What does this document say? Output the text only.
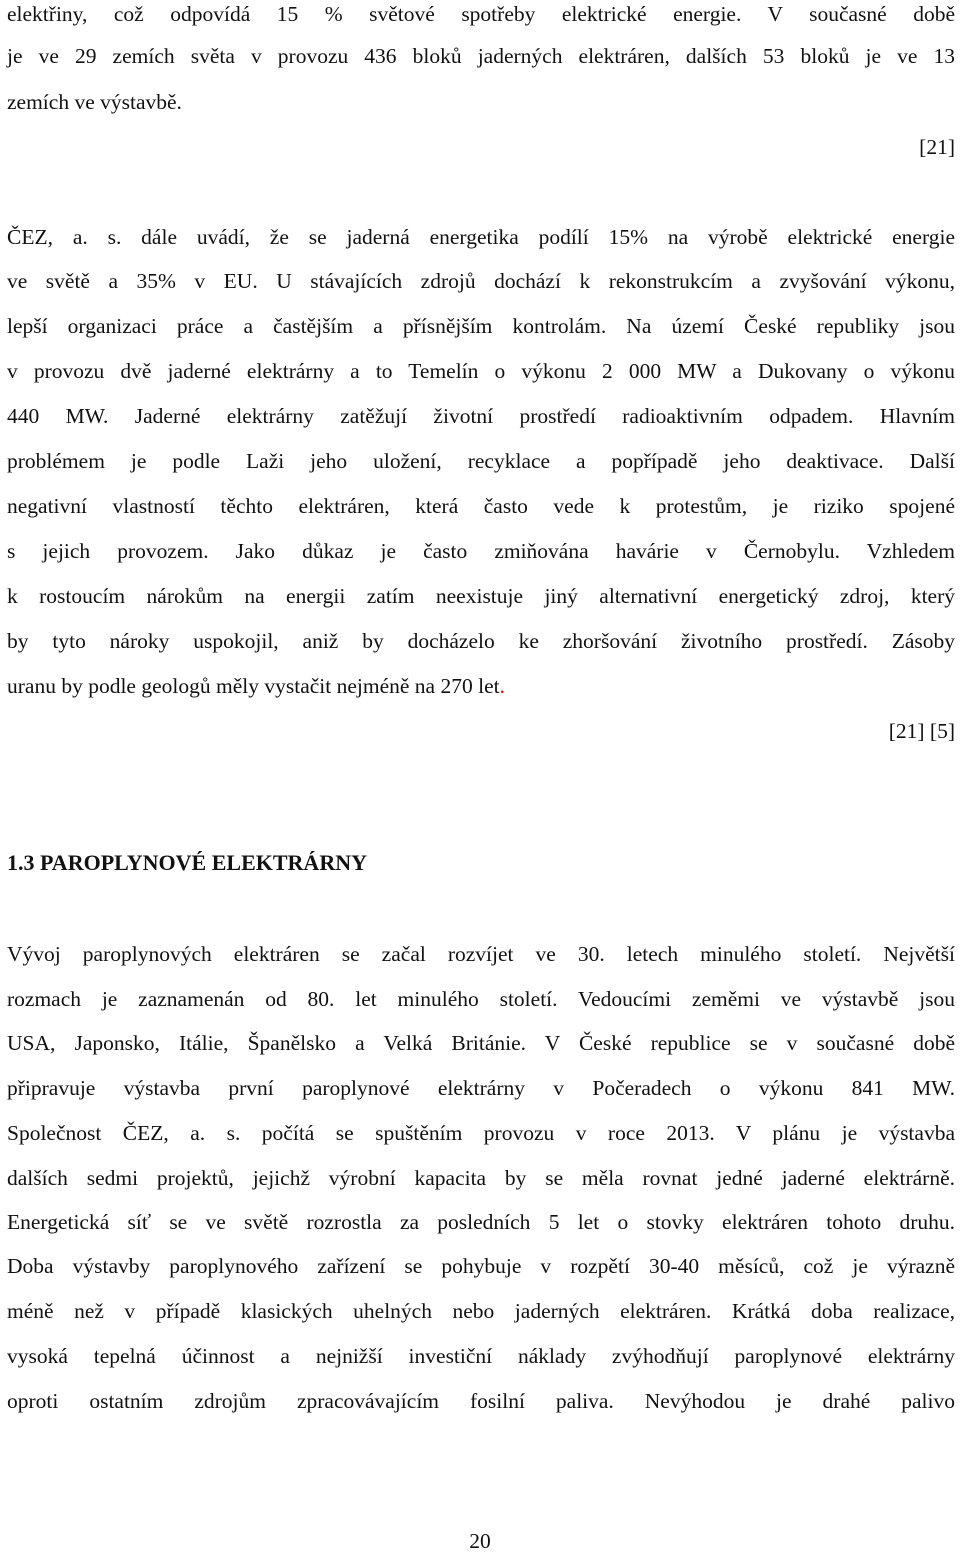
elektřiny, což odpovídá 15 % světové spotřeby elektrické energie. V současné době
je ve 29 zemích světa v provozu 436 bloků jaderných elektráren, dalších 53 bloků je ve 13
zemích ve výstavbě.
[21]
ČEZ, a. s. dále uvádí, že se jaderná energetika podílí 15% na výrobě elektrické energie
ve světě a 35% v EU. U stávajících zdrojů dochází k rekonstrukcím a zvyšování výkonu,
lepší organizaci práce a častějším a přísnějším kontrolám. Na území České republiky jsou
v provozu dvě jaderné elektrárny a to Temelín o výkonu 2 000 MW a Dukovany o výkonu
440 MW. Jaderné elektrárny zatěžují životní prostředí radioaktivním odpadem. Hlavním
problémem je podle Laži jeho uložení, recyklace a popřípadě jeho deaktivace. Další
negativní vlastností těchto elektráren, která často vede k protestům, je riziko spojené
s jejich provozem. Jako důkaz je často zmiňována havárie v Černobylu. Vzhledem
k rostoucím nárokům na energii zatím neexistuje jiný alternativní energetický zdroj, který
by tyto nároky uspokojil, aniž by docházelo ke zhoršování životního prostředí. Zásoby
uranu by podle geologů měly vystačit nejméně na 270 let.
[21] [5]
1.3 PAROPLYNOVÉ ELEKTRÁRNY
Vývoj paroplynových elektráren se začal rozvíjet ve 30. letech minulého století. Největší
rozmach je zaznamenán od 80. let minulého století. Vedoucími zeměmi ve výstavbě jsou
USA, Japonsko, Itálie, Španělsko a Velká Británie. V České republice se v současné době
připravuje výstavba první paroplynové elektrárny v Počeradech o výkonu 841 MW.
Společnost ČEZ, a. s. počítá se spuštěním provozu v roce 2013. V plánu je výstavba
dalších sedmi projektů, jejichž výrobní kapacita by se měla rovnat jedné jaderné elektrárně.
Energetická síť se ve světě rozrostla za posledních 5 let o stovky elektráren tohoto druhu.
Doba výstavby paroplynového zařízení se pohybuje v rozpětí 30-40 měsíců, což je výrazně
méně než v případě klasických uhelných nebo jaderných elektráren. Krátká doba realizace,
vysoká tepelná účinnost a nejnižší investiční náklady zvýhodňují paroplynové elektrárny
oproti ostatním zdrojům zpracovávajícím fosilní paliva. Nevýhodou je drahé palivo
20
